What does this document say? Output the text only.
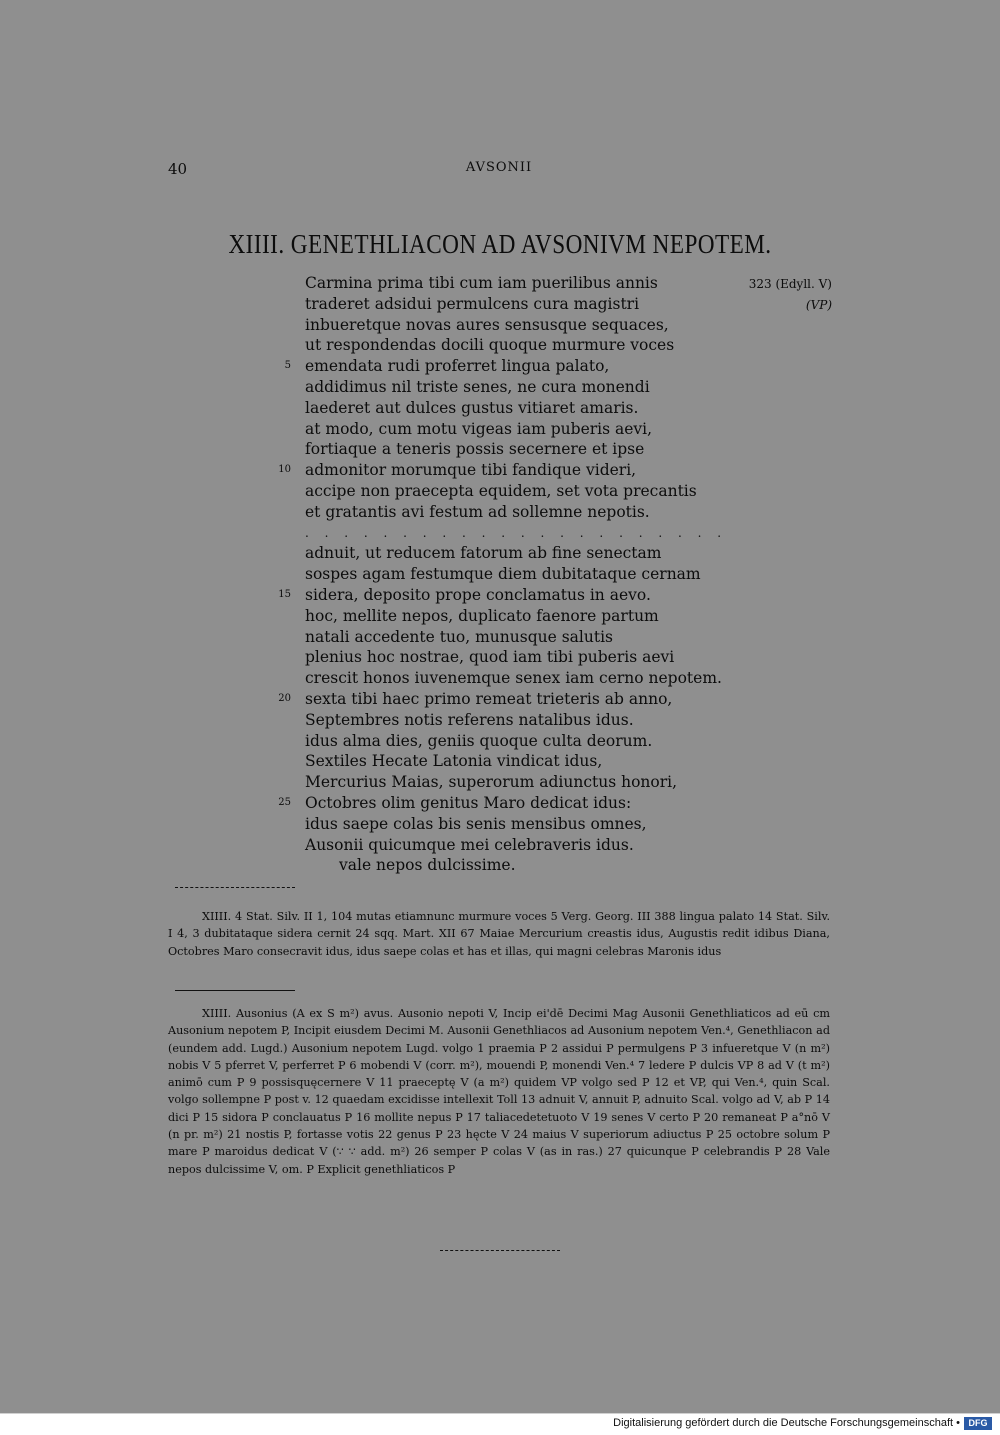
40	AVSONII
XIIII. GENETHLIACON AD AVSONIVM NEPOTEM.
323 (Edyll. V)
(VP)
Carmina prima tibi cum iam puerilibus annis
traderet adsidui permulcens cura magistri
inbueretque novas aures sensusque sequaces,
ut respondendas docili quoque murmure voces
5 emendata rudi proferret lingua palato,
addidimus nil triste senes, ne cura monendi
laederet aut dulces gustus vitiaret amaris.
at modo, cum motu vigeas iam puberis aevi,
fortiaque a teneris possis secernere et ipse
10 admonitor morumque tibi fandique videri,
accipe non praecepta equidem, set vota precantis
et gratantis avi festum ad sollemne nepotis.
. . . . . . . . . . . . . . . . . . . . . .
adnuit, ut reducem fatorum ab fine senectam
sospes agam festumque diem dubitataque cernam
15 sidera, deposito prope conclamatus in aevo.
hoc, mellite nepos, duplicato faenore partum
natali accedente tuo, munusque salutis
plenius hoc nostrae, quod iam tibi puberis aevi
crescit honos iuvenemque senex iam cerno nepotem.
20 sexta tibi haec primo remeat trieteris ab anno,
Septembres notis referens natalibus idus.
idus alma dies, geniis quoque culta deorum.
Sextiles Hecate Latonia vindicat idus,
Mercurius Maias, superorum adiunctus honori,
25 Octobres olim genitus Maro dedicat idus:
idus saepe colas bis senis mensibus omnes,
Ausonii quicumque mei celebraveris idus.
vale nepos dulcissime.

XIIII. 4 Stat. Silv. II 1, 104 mutas etiamnunc murmure voces 5 Verg. Georg. III 388 lingua palato 14 Stat. Silv. I 4, 3 dubitataque sidera cernit 24 sqq. Mart. XII 67 Maiae Mercurium creastis idus, Augustis redit idibus Diana, Octobres Maro consecravit idus, idus saepe colas et has et illas, qui magni celebras Maronis idus

XIIII. Ausonius (A ex S m²) avus. Ausonio nepoti V, Incip ei'dē Decimi Mag Ausonii Genethliaticos ad eū cm Ausonium nepotem P, Incipit eiusdem Decimi M. Ausonii Genethliacos ad Ausonium nepotem Ven.⁴, Genethliacon ad (eundem add. Lugd.) Ausonium nepotem Lugd. volgo 1 praemia P 2 assidui P permulgens P 3 infueretque V (n m²) nobis V 5 pferret V, perferret P 6 mobendi V (corr. m²), mouendi P, monendi Ven.⁴ 7 ledere P dulcis VP 8 ad V (t m²) animō cum P 9 possisquęcernere V 11 praeceptę V (a m²) quidem VP volgo sed P 12 et VP, qui Ven.⁴, quin Scal. volgo sollempne P post v. 12 quaedam excidisse intellexit Toll 13 adnuit V, annuit P, adnuito Scal. volgo ad V, ab P 14 dici P 15 sidora P conclauatus P 16 mollite nepus P 17 taliacedetetuoto V 19 senes V certo P 20 remaneat P a°nō V (n pr. m²) 21 nostis P, fortasse votis 22 genus P 23 hęcte V 24 maius V superiorum adiuctus P 25 octobre solum P mare P maroidus dedicat V (∵ ∵ add. m²) 26 semper P colas V (as in ras.) 27 quicunque P celebrandis P 28 Vale nepos dulcissime V, om. P Explicit genethliaticos P

Digitalisierung gefördert durch die Deutsche Forschungsgemeinschaft • DFG
